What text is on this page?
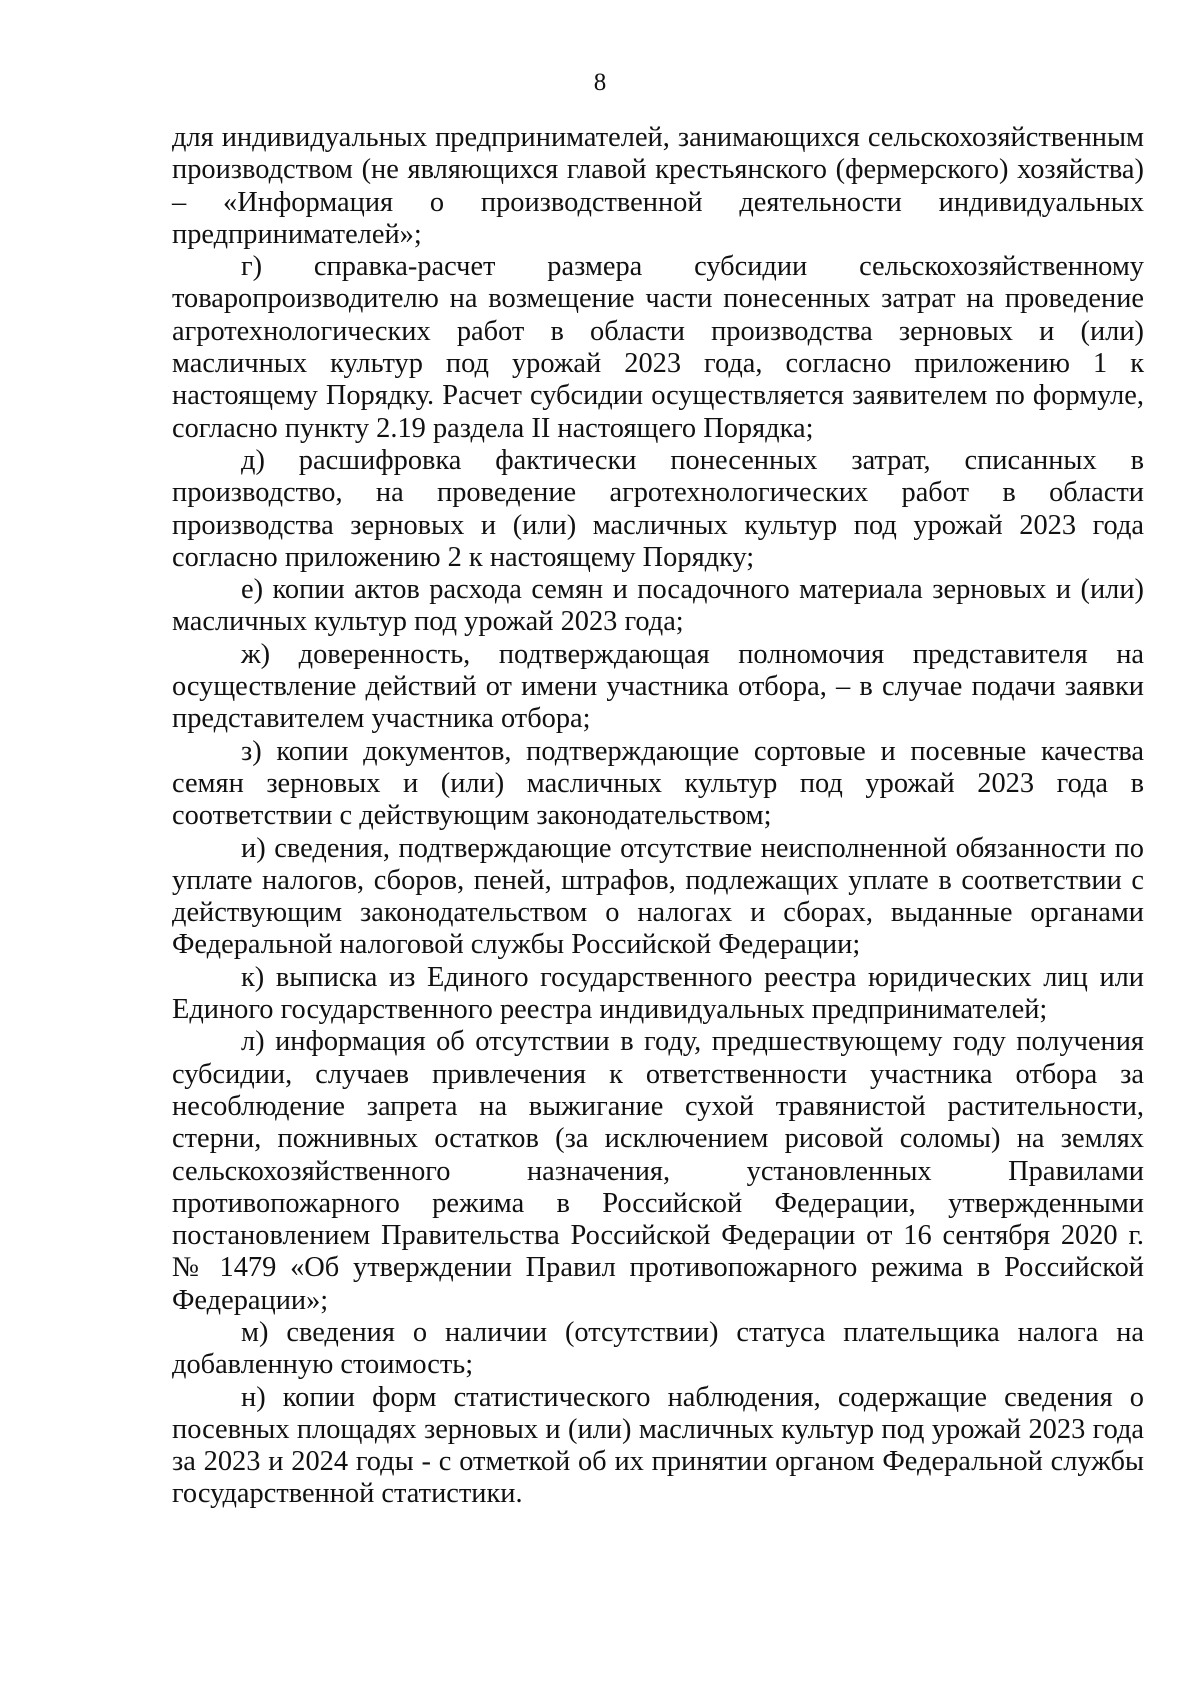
8

для индивидуальных предпринимателей, занимающихся сельскохозяйственным производством (не являющихся главой крестьянского (фермерского) хозяйства) – «Информация о производственной деятельности индивидуальных предпринимателей»;

г) справка-расчет размера субсидии сельскохозяйственному товаропроизводителю на возмещение части понесенных затрат на проведение агротехнологических работ в области производства зерновых и (или) масличных культур под урожай 2023 года, согласно приложению 1 к настоящему Порядку. Расчет субсидии осуществляется заявителем по формуле, согласно пункту 2.19 раздела II настоящего Порядка;

д) расшифровка фактически понесенных затрат, списанных в производство, на проведение агротехнологических работ в области производства зерновых и (или) масличных культур под урожай 2023 года согласно приложению 2 к настоящему Порядку;

е) копии актов расхода семян и посадочного материала зерновых и (или) масличных культур под урожай 2023 года;

ж) доверенность, подтверждающая полномочия представителя на осуществление действий от имени участника отбора, – в случае подачи заявки представителем участника отбора;

з) копии документов, подтверждающие сортовые и посевные качества семян зерновых и (или) масличных культур под урожай 2023 года в соответствии с действующим законодательством;

и) сведения, подтверждающие отсутствие неисполненной обязанности по уплате налогов, сборов, пеней, штрафов, подлежащих уплате в соответствии с действующим законодательством о налогах и сборах, выданные органами Федеральной налоговой службы Российской Федерации;

к) выписка из Единого государственного реестра юридических лиц или Единого государственного реестра индивидуальных предпринимателей;

л) информация об отсутствии в году, предшествующему году получения субсидии, случаев привлечения к ответственности участника отбора за несоблюдение запрета на выжигание сухой травянистой растительности, стерни, пожнивных остатков (за исключением рисовой соломы) на землях сельскохозяйственного назначения, установленных Правилами противопожарного режима в Российской Федерации, утвержденными постановлением Правительства Российской Федерации от 16 сентября 2020 г. № 1479 «Об утверждении Правил противопожарного режима в Российской Федерации»;

м) сведения о наличии (отсутствии) статуса плательщика налога на добавленную стоимость;

н) копии форм статистического наблюдения, содержащие сведения о посевных площадях зерновых и (или) масличных культур под урожай 2023 года за 2023 и 2024 годы - с отметкой об их принятии органом Федеральной службы государственной статистики.
